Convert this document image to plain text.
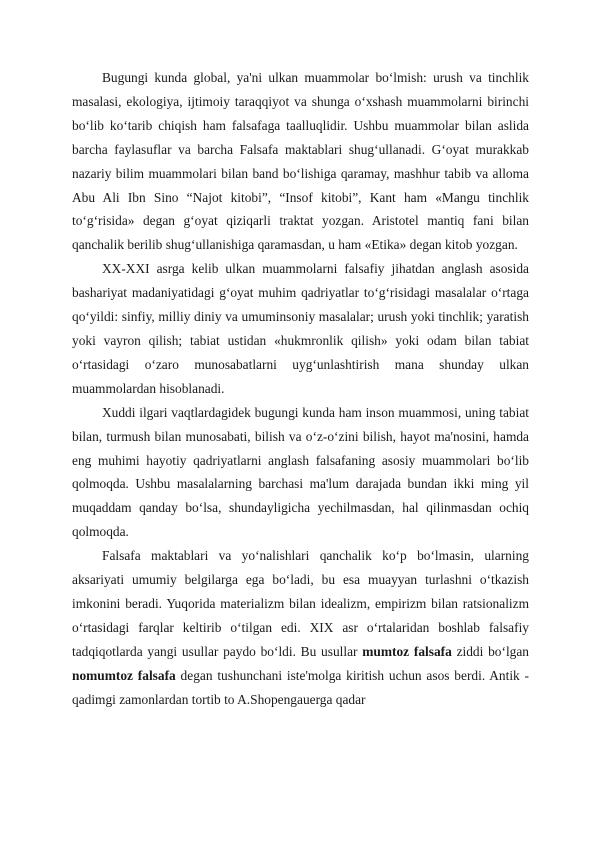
Bugungi kunda global, ya'ni ulkan muammolar bo‘lmish: urush va tinchlik masalasi, ekologiya, ijtimoiy taraqqiyot va shunga o‘xshash muammolarni birinchi bo‘lib ko‘tarib chiqish ham falsafaga taalluqlidir. Ushbu muammolar bilan aslida barcha faylasuflar va barcha Falsafa maktablari shug‘ullanadi. G‘oyat murakkab nazariy bilim muammolari bilan band bo‘lishiga qaramay, mashhur tabib va alloma Abu Ali Ibn Sino “Najot kitobi”, “Insof kitobi”, Kant ham «Mangu tinchlik to‘g‘risida» degan g‘oyat qiziqarli traktat yozgan. Aristotel mantiq fani bilan qanchalik berilib shug‘ullanishiga qaramasdan, u ham «Etika» degan kitob yozgan.

XX-XXI asrga kelib ulkan muammolarni falsafiy jihatdan anglash asosida bashariyat madaniyatidagi g‘oyat muhim qadriyatlar to‘g‘risidagi masalalar o‘rtaga qo‘yildi: sinfiy, milliy diniy va umuminsoniy masalalar; urush yoki tinchlik; yaratish yoki vayron qilish; tabiat ustidan «hukmronlik qilish» yoki odam bilan tabiat o‘rtasidagi o‘zaro munosabatlarni uyg‘unlashtirish mana shunday ulkan muammolardan hisoblanadi.

Xuddi ilgari vaqtlardagidek bugungi kunda ham inson muammosi, uning tabiat bilan, turmush bilan munosabati, bilish va o‘z-o‘zini bilish, hayot ma'nosini, hamda eng muhimi hayotiy qadriyatlarni anglash falsafaning asosiy muammolari bo‘lib qolmoqda. Ushbu masalalarning barchasi ma'lum darajada bundan ikki ming yil muqaddam qanday bo‘lsa, shundayligicha yechilmasdan, hal qilinmasdan ochiq qolmoqda.

Falsafa maktablari va yo‘nalishlari qanchalik ko‘p bo‘lmasin, ularning aksariyati umumiy belgilarga ega bo‘ladi, bu esa muayyan turlashni o‘tkazish imkonini beradi. Yuqorida materializm bilan idealizm, empirizm bilan ratsionalizm o‘rtasidagi farqlar keltirib o‘tilgan edi. XIX asr o‘rtalaridan boshlab falsafiy tadqiqotlarda yangi usullar paydo bo‘ldi. Bu usullar mumtoz falsafa ziddi bo‘lgan nomumtoz falsafa degan tushunchani iste'molga kiritish uchun asos berdi. Antik - qadimgi zamonlardan tortib to A.Shopengauerga qadar
